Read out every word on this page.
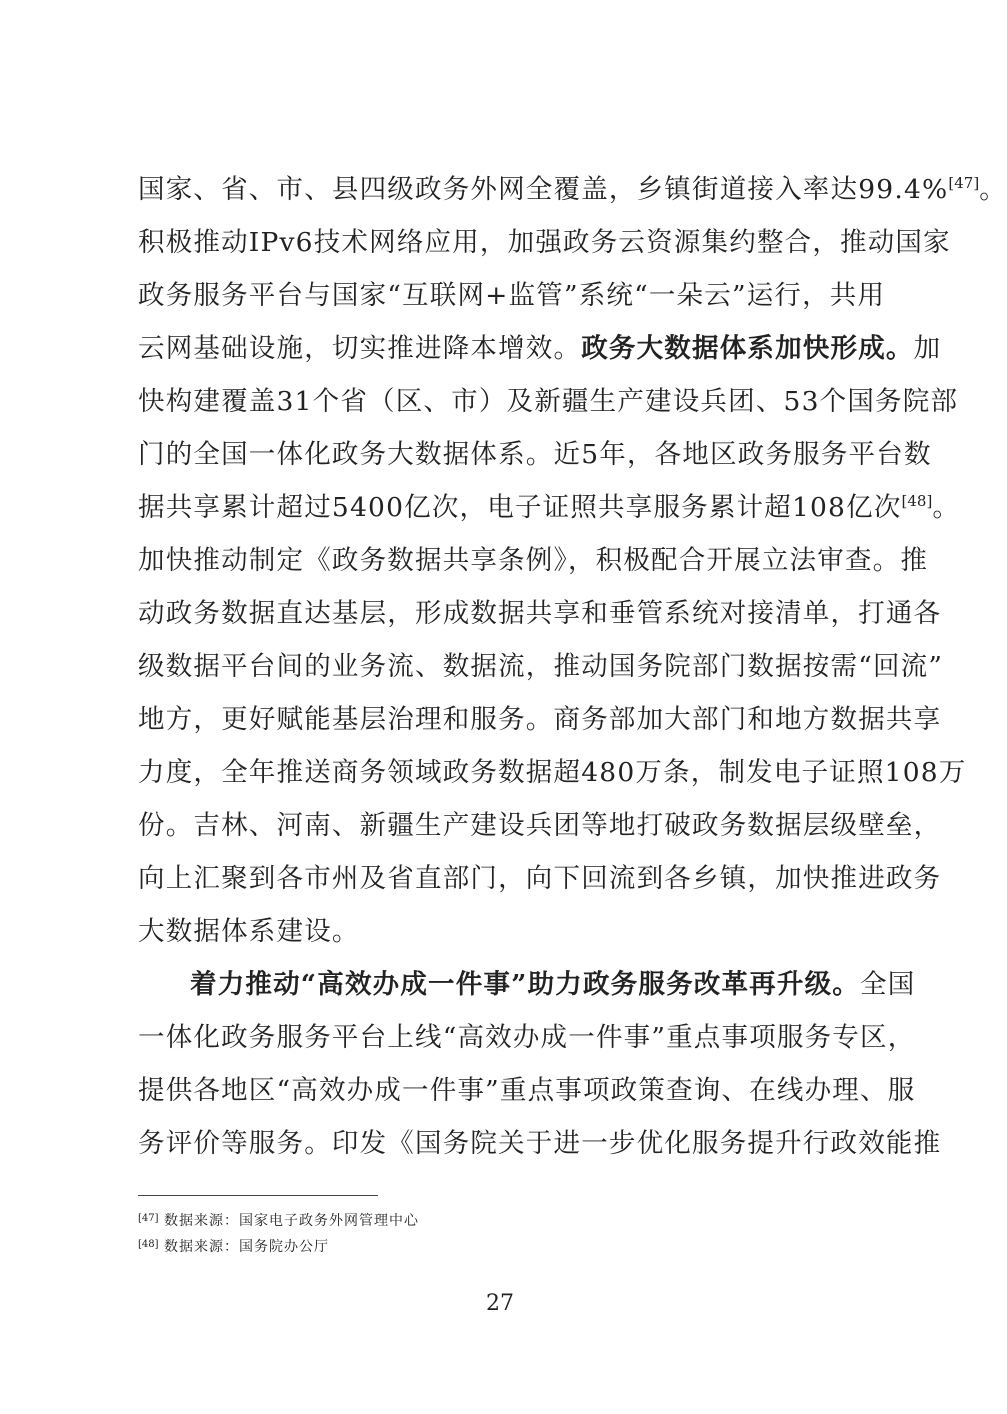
国家、省、市、县四级政务外网全覆盖，乡镇街道接入率达99.4%[47]。
积极推动IPv6技术网络应用，加强政务云资源集约整合，推动国家
政务服务平台与国家“互联网+监管”系统“一朵云”运行，共用
云网基础设施，切实推进降本增效。政务大数据体系加快形成。加
快构建覆盖31个省（区、市）及新疆生产建设兵团、53个国务院部
门的全国一体化政务大数据体系。近5年，各地区政务服务平台数
据共享累计超过5400亿次，电子证照共享服务累计超108亿次[48]。
加快推动制定《政务数据共享条例》，积极配合开展立法审查。推
动政务数据直达基层，形成数据共享和垂管系统对接清单，打通各
级数据平台间的业务流、数据流，推动国务院部门数据按需“回流”
地方，更好赋能基层治理和服务。商务部加大部门和地方数据共享
力度，全年推送商务领域政务数据超480万条，制发电子证照108万
份。吉林、河南、新疆生产建设兵团等地打破政务数据层级壁垒，
向上汇聚到各市州及省直部门，向下回流到各乡镇，加快推进政务
大数据体系建设。
着力推动“高效办成一件事”助力政务服务改革再升级。全国
一体化政务服务平台上线“高效办成一件事”重点事项服务专区，
提供各地区“高效办成一件事”重点事项政策查询、在线办理、服
务评价等服务。印发《国务院关于进一步优化服务提升行政效能推
[47] 数据来源：国家电子政务外网管理中心
[48] 数据来源：国务院办公厅
27
